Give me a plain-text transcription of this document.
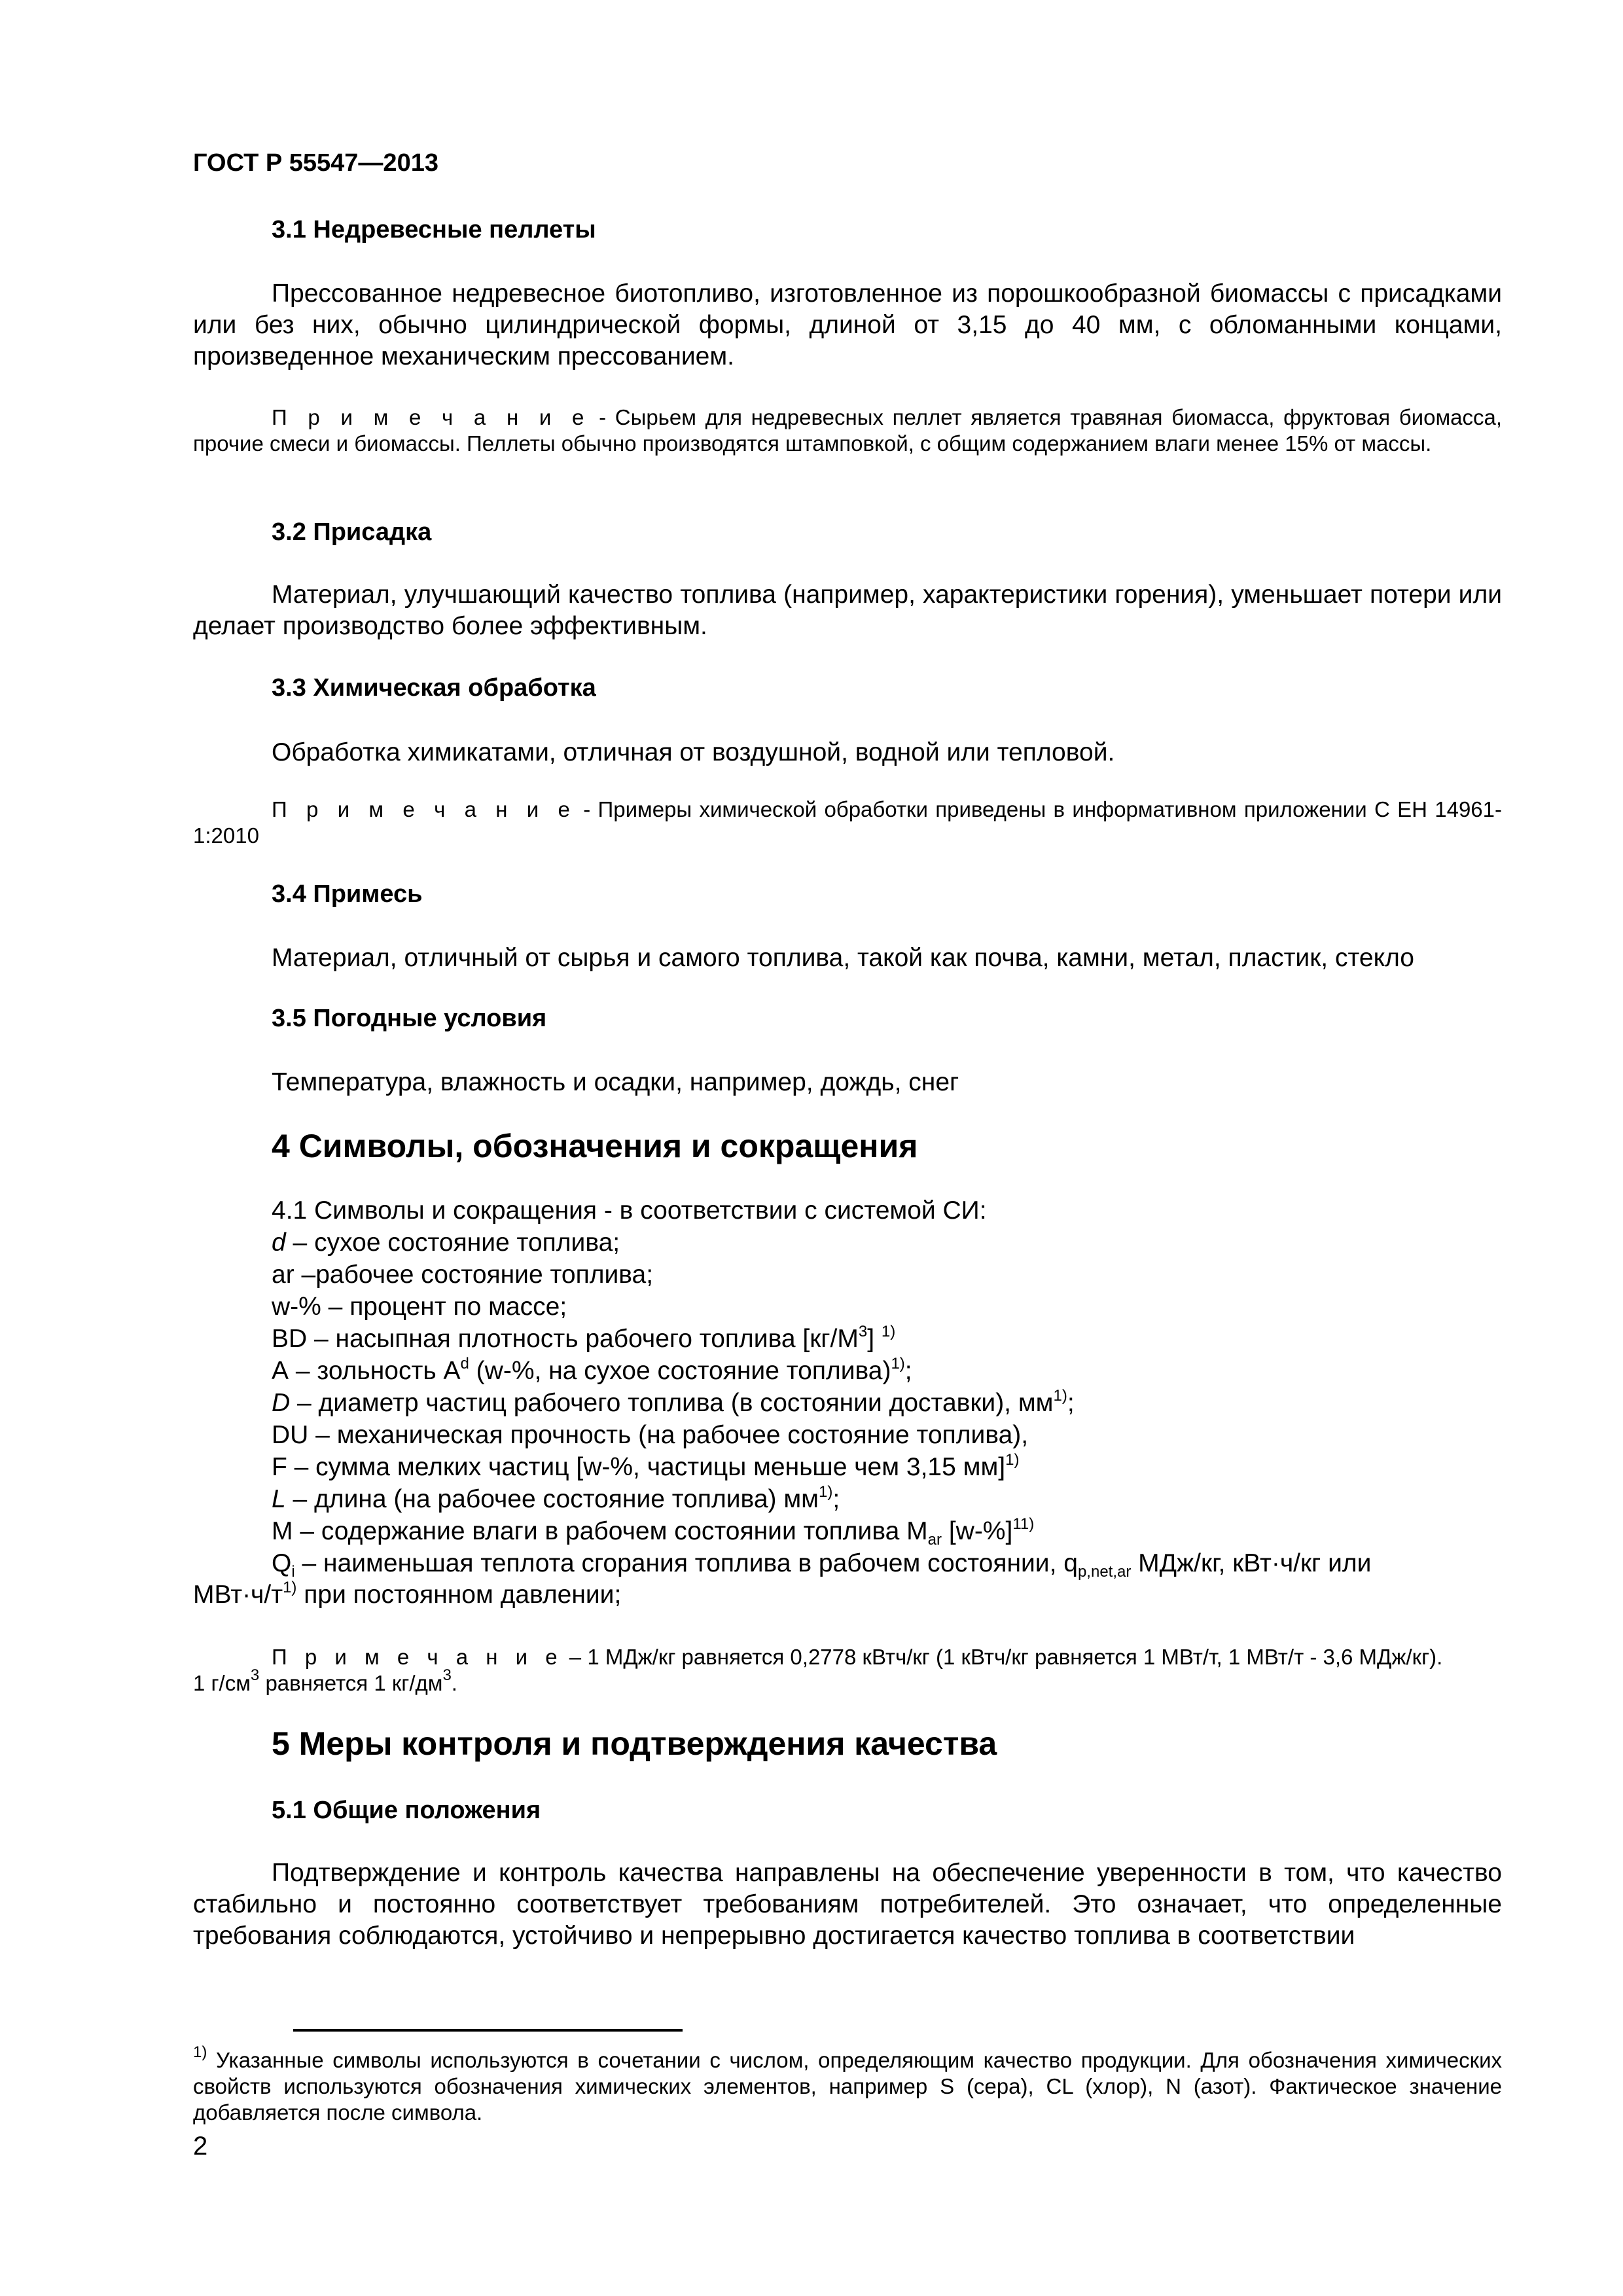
ГОСТ Р 55547—2013
3.1 Недревесные пеллеты

Прессованное недревесное биотопливо, изготовленное из порошкообразной биомассы с присадками или без них, обычно цилиндрической формы, длиной от 3,15 до 40 мм, с обломанными концами, произведенное механическим прессованием.

П р и м е ч а н и е - Сырьем для недревесных пеллет является травяная биомасса, фруктовая биомасса, прочие смеси и биомассы. Пеллеты обычно производятся штамповкой, с общим содержанием влаги менее 15% от массы.

3.2 Присадка

Материал, улучшающий качество топлива (например, характеристики горения), уменьшает потери или делает производство более эффективным.

3.3 Химическая обработка
Обработка химикатами, отличная от воздушной, водной или тепловой.

П р и м е ч а н и е - Примеры химической обработки приведены в информативном приложении С ЕН 14961-1:2010

3.4 Примесь
Материал, отличный от сырья и самого топлива, такой как почва, камни, метал, пластик, стекло
3.5 Погодные условия
Температура, влажность и осадки, например, дождь, снег
4 Символы, обозначения и сокращения
4.1 Символы и сокращения - в соответствии с системой СИ:
d – сухое состояние топлива;
ar –рабочее состояние топлива;
w-% – процент по массе;
BD – насыпная плотность рабочего топлива $[кг/М^3]$ $^{1)}$
А – зольность $А^d$ (w-%, на сухое состояние топлива)$^{1)}$;
D – диаметр частиц рабочего топлива (в состоянии доставки), $мм^{1)}$;
DU – механическая прочность (на рабочее состояние топлива),
F – сумма мелких частиц [w-%, частицы меньше чем 3,15 мм]$^{1)}$
L – длина (на рабочее состояние топлива) $мм^{1)}$;
М – содержание влаги в рабочем состоянии топлива $М_{ar}$ $[w-\%]^{11)}$
$Q_i$ – наименьшая теплота сгорания топлива в рабочем состоянии, $q_{p,net,ar}$ МДж/кг, кВт·ч/кг или
$МВт\cdot ч/т^{1)}$ при постоянном давлении;

П р и м е ч а н и е – 1 МДж/кг равняется 0,2778 кВтч/кг (1 кВтч/кг равняется 1 МВт/т, 1 МВт/т - 3,6 МДж/кг).
1 $г/см^3$ равняется 1 $кг/дм^3$.

5 Меры контроля и подтверждения качества
5.1 Общие положения

Подтверждение и контроль качества направлены на обеспечение уверенности в том, что качество стабильно и постоянно соответствует требованиям потребителей. Это означает, что определенные требования соблюдаются, устойчиво и непрерывно достигается качество топлива в соответствии

$^{1)}$ Указанные символы используются в сочетании с числом, определяющим качество продукции. Для обозначения химических свойств используются обозначения химических элементов, например S (сера), CL (хлор), N (азот). Фактическое значение добавляется после символа.

2
